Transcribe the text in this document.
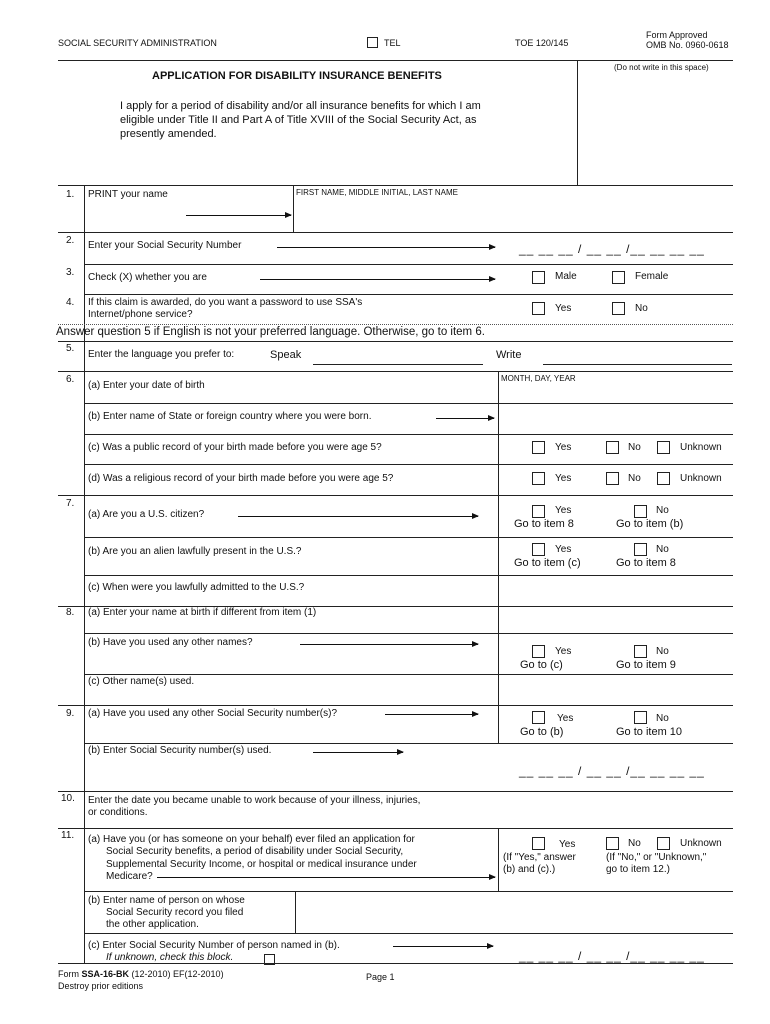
SOCIAL SECURITY ADMINISTRATION	TEL	TOE 120/145
Form Approved
OMB No. 0960-0618
(Do not write in this space)
APPLICATION FOR DISABILITY INSURANCE BENEFITS
I apply for a period of disability and/or all insurance benefits for which I am
eligible under Title II and Part A of Title XVIII of the Social Security Act, as
presently amended.
1. PRINT your name	FIRST NAME, MIDDLE INITIAL, LAST NAME
2. Enter your Social Security Number	__ __ __ / __ __ /__ __ __ __
3. Check (X) whether you are	Male	Female
4. If this claim is awarded, do you want a password to use SSA's
Internet/phone service?
Yes	No
Answer question 5 if English is not your preferred language. Otherwise, go to item 6.
5.
Enter the language you prefer to:	Speak	Write
6.
(a) Enter your date of birth
MONTH, DAY, YEAR
(b) Enter name of State or foreign country where you were born.
(c) Was a public record of your birth made before you were age 5?	Yes	No	Unknown
(d) Was a religious record of your birth made before you were age 5?	Yes	No	Unknown
7.
(a) Are you a U.S. citizen?	Yes
Go to item 8
No
Go to item (b)
(b) Are you an alien lawfully present in the U.S.?	Yes
Go to item (c)
No
Go to item 8
(c) When were you lawfully admitted to the U.S.?
8. (a) Enter your name at birth if different from item (1)
(b) Have you used any other names?
Yes
Go to (c)
No
Go to item 9
(c) Other name(s) used.
9. (a) Have you used any other Social Security number(s)?	Yes
Go to (b)
No
Go to item 10
(b) Enter Social Security number(s) used.
__ __ __ / __ __ /__ __ __ __
10. Enter the date you became unable to work because of your illness, injuries,
or conditions.
11. (a) Have you (or has someone on your behalf) ever filed an application for
Social Security benefits, a period of disability under Social Security,
Supplemental Security Income, or hospital or medical insurance under
Medicare?
Yes
(If "Yes," answer
(b) and (c).)
No	Unknown
(If "No," or "Unknown,"
go to item 12.)
(b) Enter name of person on whose
Social Security record you filed
the other application.
(c) Enter Social Security Number of person named in (b).
If unknown, check this block.	__ __ __ / __ __ /__ __ __ __
Form SSA-16-BK (12-2010) EF(12-2010)
Destroy prior editions
Page 1
